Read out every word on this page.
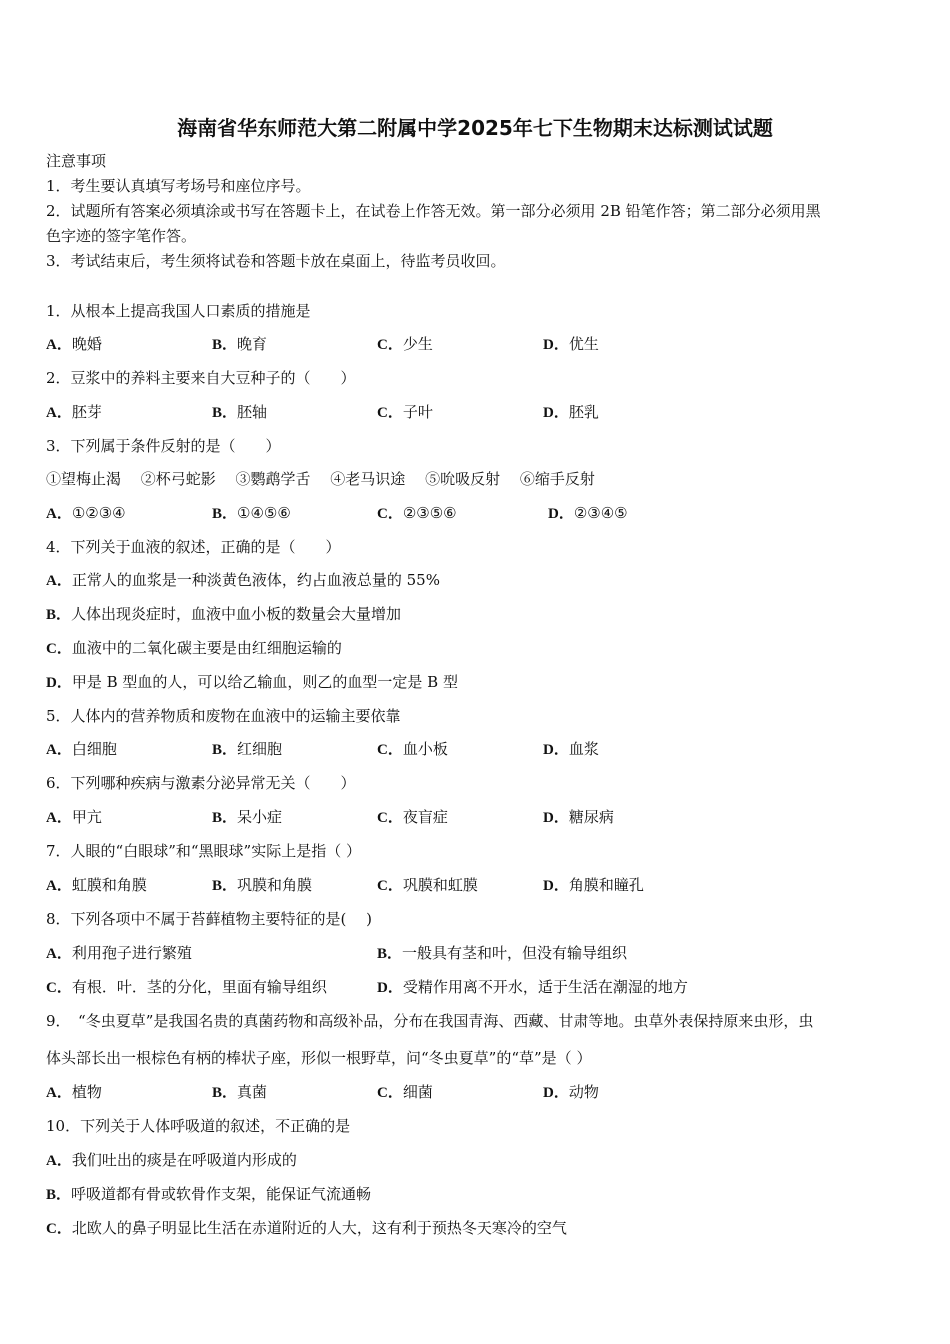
海南省华东师范大第二附属中学2025年七下生物期末达标测试试题
注意事项
1．考生要认真填写考场号和座位序号。
2．试题所有答案必须填涂或书写在答题卡上，在试卷上作答无效。第一部分必须用 2B 铅笔作答；第二部分必须用黑
色字迹的签字笔作答。
3．考试结束后，考生须将试卷和答题卡放在桌面上，待监考员收回。
1．从根本上提高我国人口素质的措施是
A．晚婚	B．晚育	C．少生	D．优生
2．豆浆中的养料主要来自大豆种子的（　　）
A．胚芽	B．胚轴	C．子叶	D．胚乳
3．下列属于条件反射的是（　　）
①望梅止渴　 ②杯弓蛇影　 ③鹦鹉学舌　 ④老马识途　 ⑤吮吸反射　 ⑥缩手反射
A．①②③④	B．①④⑤⑥	C．②③⑤⑥	D．②③④⑤
4．下列关于血液的叙述，正确的是（　　）
A．正常人的血浆是一种淡黄色液体，约占血液总量的 55%
B．人体出现炎症时，血液中血小板的数量会大量增加
C．血液中的二氧化碳主要是由红细胞运输的
D．甲是 B 型血的人，可以给乙输血，则乙的血型一定是 B 型
5．人体内的营养物质和废物在血液中的运输主要依靠
A．白细胞	B．红细胞	C．血小板	D．血浆
6．下列哪种疾病与激素分泌异常无关（　　）
A．甲亢	B．呆小症	C．夜盲症	D．糖尿病
7．人眼的“白眼球”和“黑眼球”实际上是指（ ）
A．虹膜和角膜	B．巩膜和角膜	C．巩膜和虹膜	D．角膜和瞳孔
8．下列各项中不属于苔藓植物主要特征的是(　 )
A．利用孢子进行繁殖	B．一般具有茎和叶，但没有输导组织
C．有根．叶．茎的分化，里面有输导组织	D．受精作用离不开水，适于生活在潮湿的地方
9．　“冬虫夏草”是我国名贵的真菌药物和高级补品，分布在我国青海、西藏、甘肃等地。虫草外表保持原来虫形，虫
体头部长出一根棕色有柄的棒状子座，形似一根野草，问“冬虫夏草”的“草”是（ ）
A．植物	B．真菌	C．细菌	D．动物
10．下列关于人体呼吸道的叙述，不正确的是
A．我们吐出的痰是在呼吸道内形成的
B．呼吸道都有骨或软骨作支架，能保证气流通畅
C．北欧人的鼻子明显比生活在赤道附近的人大，这有利于预热冬天寒冷的空气
